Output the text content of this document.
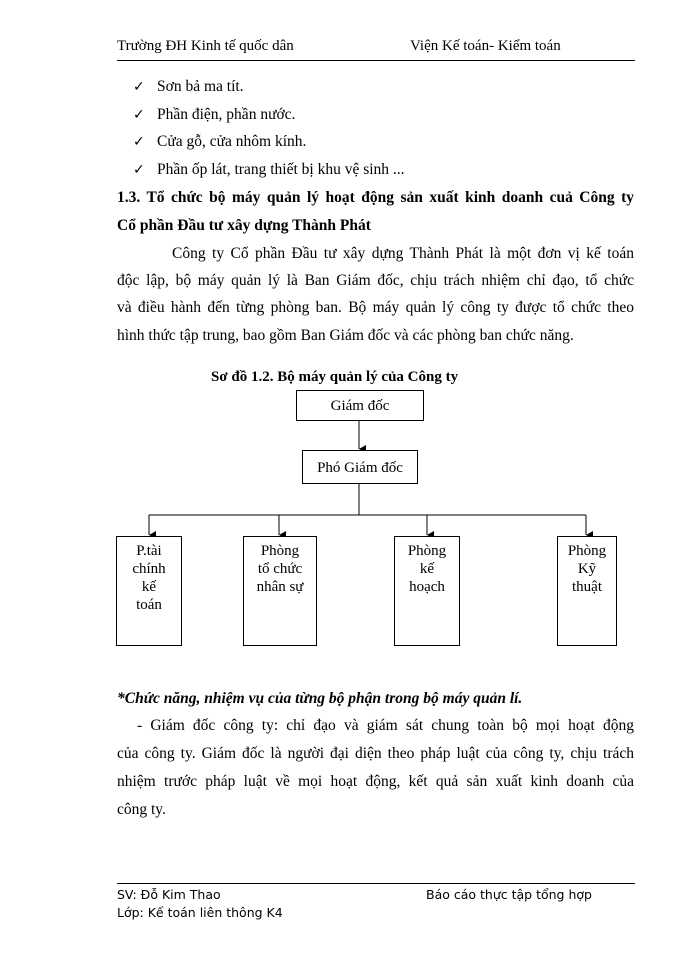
Trường ĐH Kinh tế quốc dân	Viện Kế toán- Kiểm toán
✓ Sơn bả ma tít.
✓ Phần điện, phần nước.
✓ Cửa gỗ, cửa nhôm kính.
✓ Phần ốp lát, trang thiết bị khu vệ sinh ...
1.3. Tổ chức bộ máy quản lý hoạt động sản xuất kinh doanh cuả Công ty
Cổ phần Đầu tư xây dựng Thành Phát
Công ty Cổ phần Đầu tư xây dựng Thành Phát là một đơn vị kế toán
độc lập, bộ máy quản lý là Ban Giám đốc, chịu trách nhiệm chỉ đạo, tổ chức
và điều hành đến từng phòng ban. Bộ máy quản lý công ty được tổ chức theo
hình thức tập trung, bao gồm Ban Giám đốc và các phòng ban chức năng.
Sơ đồ 1.2. Bộ máy quản lý của Công ty
Giám đốc
Phó Giám đốc
P.tài
chính
kế
toán
Phòng
tổ chức
nhân sự
Phòng
kế
hoạch
Phòng
Kỹ
thuật
*Chức năng, nhiệm vụ của từng bộ phận trong bộ máy quản lí.
- Giám đốc công ty: chỉ đạo và giám sát chung toàn bộ mọi hoạt động
của công ty. Giám đốc là người đại diện theo pháp luật của công ty, chịu trách
nhiệm trước pháp luật về mọi hoạt động, kết quả sản xuất kinh doanh của
công ty.
SV: Đỗ Kim Thao
Lớp: Kế toán liên thông K4
Báo cáo thực tập tổng hợp
